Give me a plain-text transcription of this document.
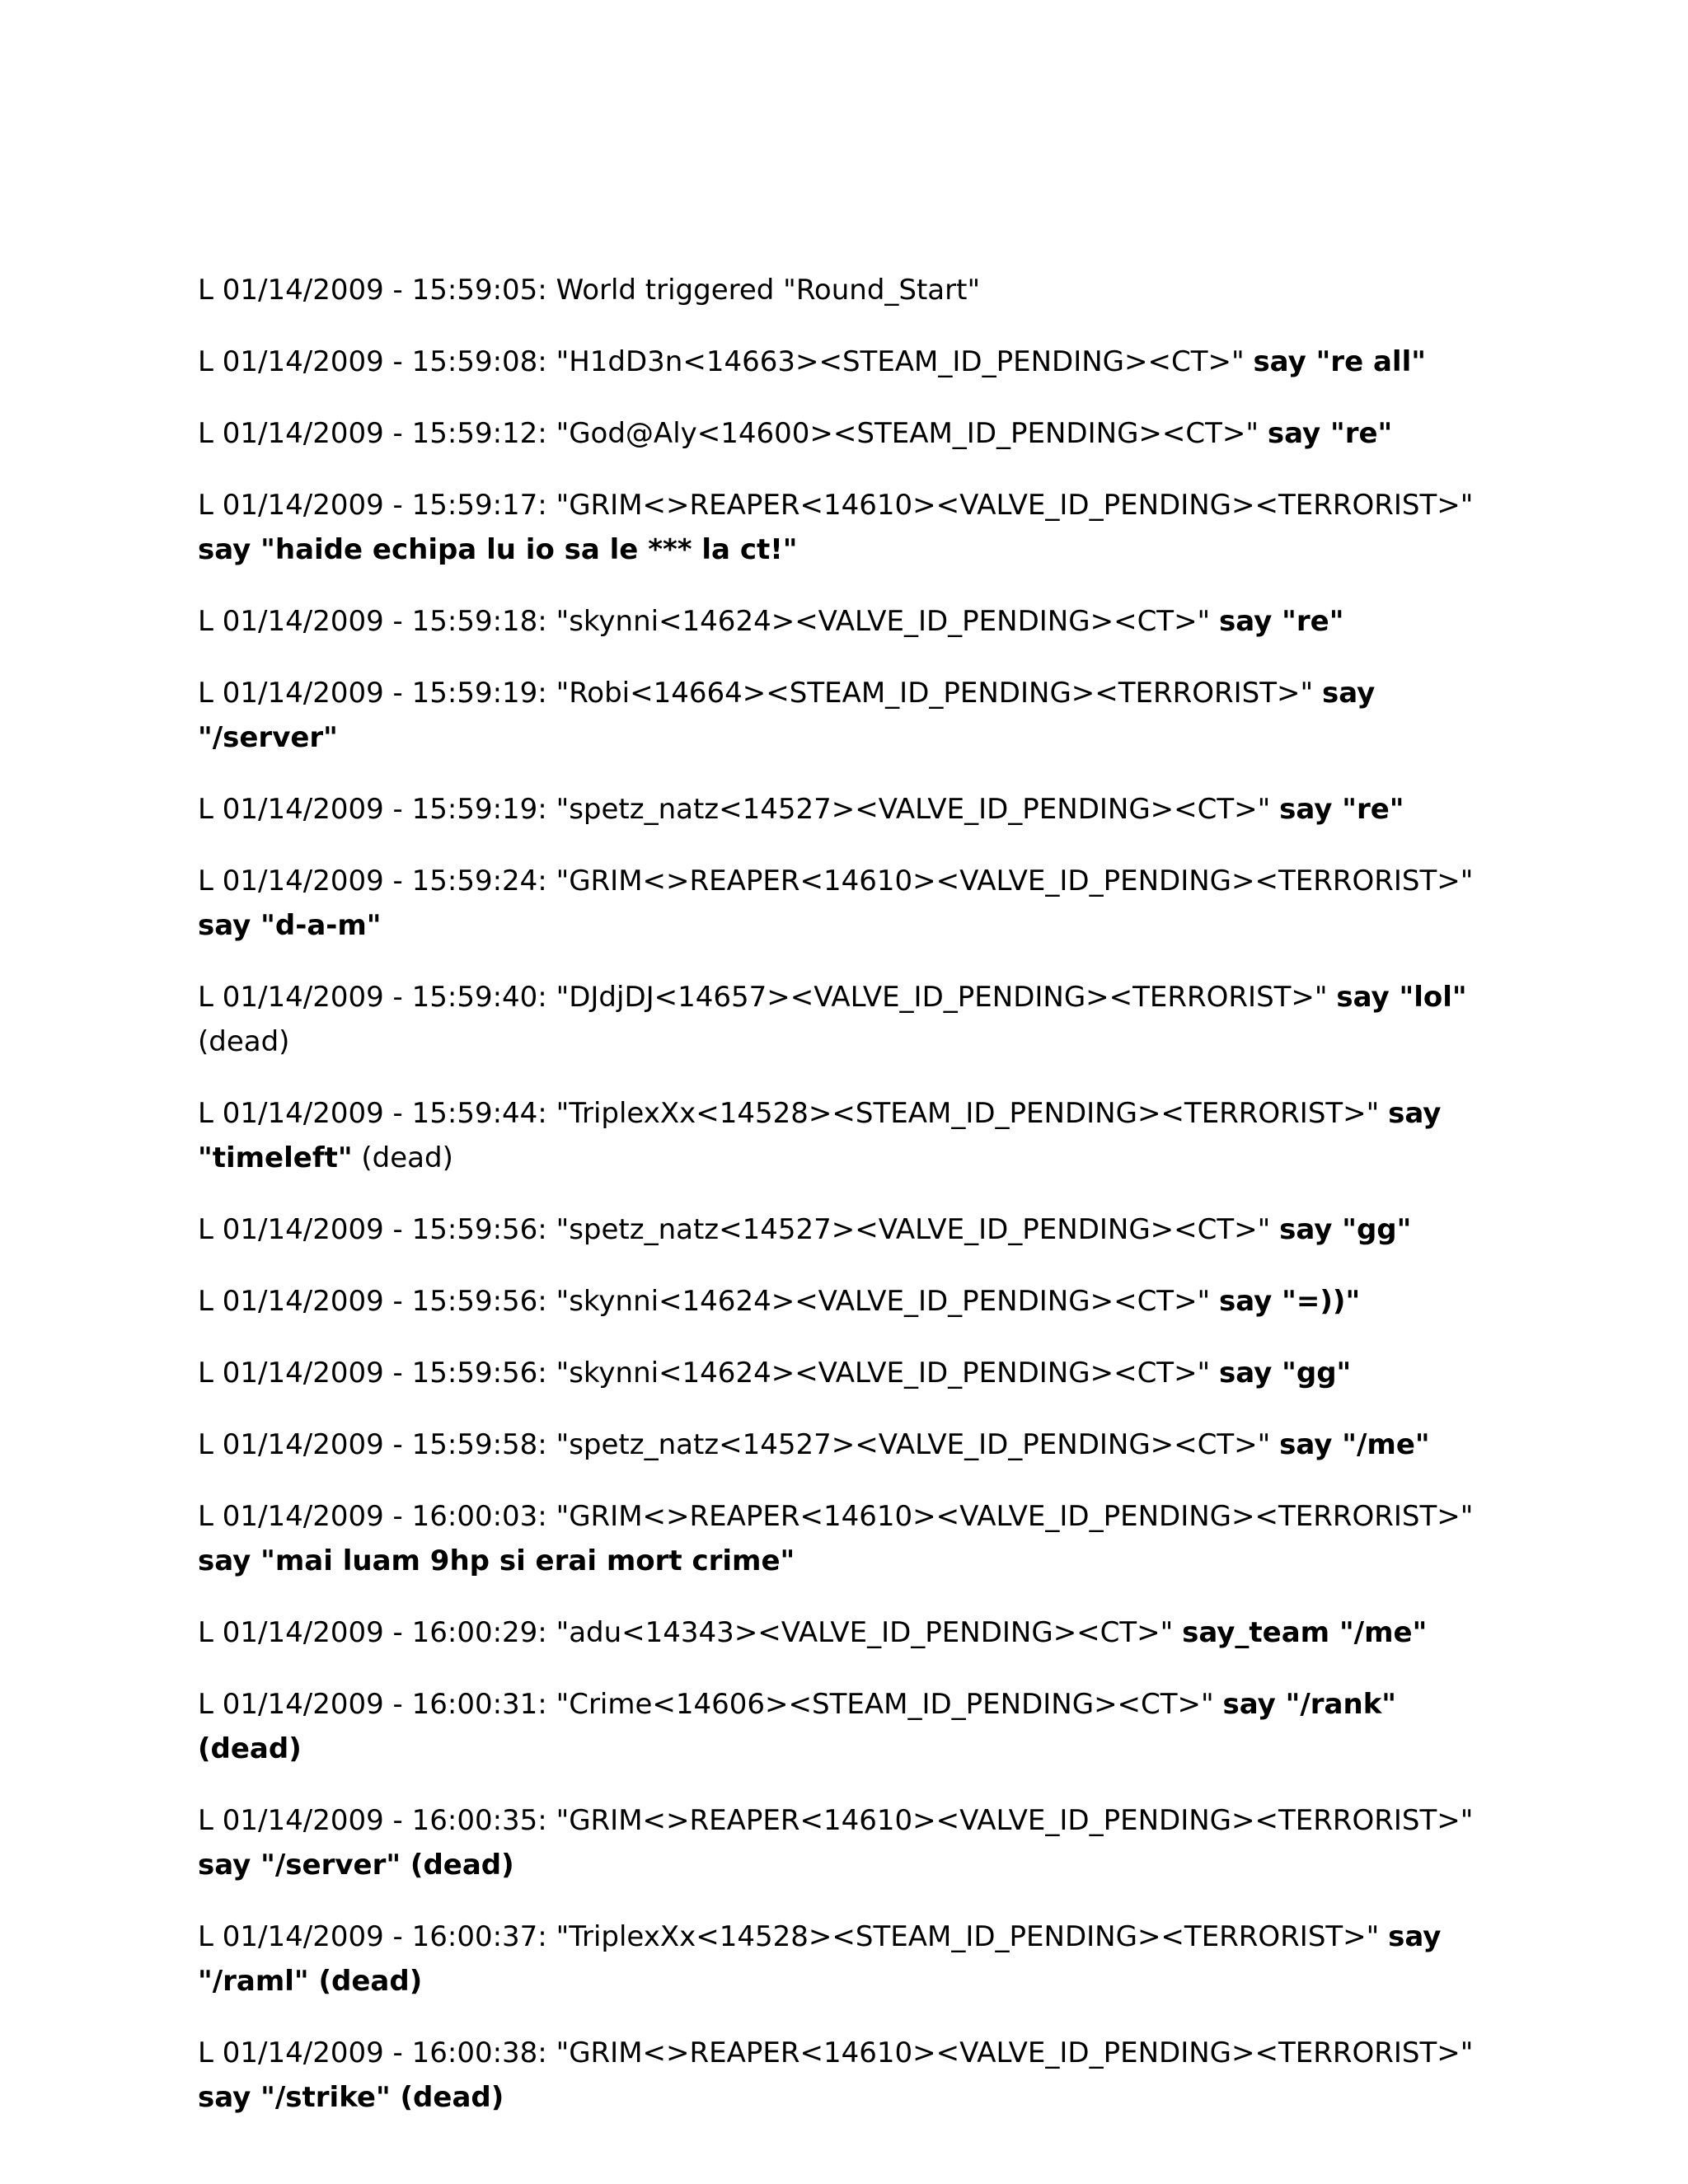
L 01/14/2009 - 15:59:05: World triggered "Round_Start"

L 01/14/2009 - 15:59:08: "H1dD3n<14663><STEAM_ID_PENDING><CT>" say "re all"

L 01/14/2009 - 15:59:12: "God@Aly<14600><STEAM_ID_PENDING><CT>" say "re"

L 01/14/2009 - 15:59:17: "GRIM<>REAPER<14610><VALVE_ID_PENDING><TERRORIST>" say "haide echipa lu io sa le *** la ct!"

L 01/14/2009 - 15:59:18: "skynni<14624><VALVE_ID_PENDING><CT>" say "re"

L 01/14/2009 - 15:59:19: "Robi<14664><STEAM_ID_PENDING><TERRORIST>" say "/server"

L 01/14/2009 - 15:59:19: "spetz_natz<14527><VALVE_ID_PENDING><CT>" say "re"

L 01/14/2009 - 15:59:24: "GRIM<>REAPER<14610><VALVE_ID_PENDING><TERRORIST>" say "d-a-m"

L 01/14/2009 - 15:59:40: "DJdjDJ<14657><VALVE_ID_PENDING><TERRORIST>" say "lol" (dead)

L 01/14/2009 - 15:59:44: "TriplexXx<14528><STEAM_ID_PENDING><TERRORIST>" say "timeleft" (dead)

L 01/14/2009 - 15:59:56: "spetz_natz<14527><VALVE_ID_PENDING><CT>" say "gg"

L 01/14/2009 - 15:59:56: "skynni<14624><VALVE_ID_PENDING><CT>" say "=))"

L 01/14/2009 - 15:59:56: "skynni<14624><VALVE_ID_PENDING><CT>" say "gg"

L 01/14/2009 - 15:59:58: "spetz_natz<14527><VALVE_ID_PENDING><CT>" say "/me"

L 01/14/2009 - 16:00:03: "GRIM<>REAPER<14610><VALVE_ID_PENDING><TERRORIST>" say "mai luam 9hp si erai mort crime"

L 01/14/2009 - 16:00:29: "adu<14343><VALVE_ID_PENDING><CT>" say_team "/me"

L 01/14/2009 - 16:00:31: "Crime<14606><STEAM_ID_PENDING><CT>" say "/rank" (dead)

L 01/14/2009 - 16:00:35: "GRIM<>REAPER<14610><VALVE_ID_PENDING><TERRORIST>" say "/server" (dead)

L 01/14/2009 - 16:00:37: "TriplexXx<14528><STEAM_ID_PENDING><TERRORIST>" say "/raml" (dead)

L 01/14/2009 - 16:00:38: "GRIM<>REAPER<14610><VALVE_ID_PENDING><TERRORIST>" say "/strike" (dead)
